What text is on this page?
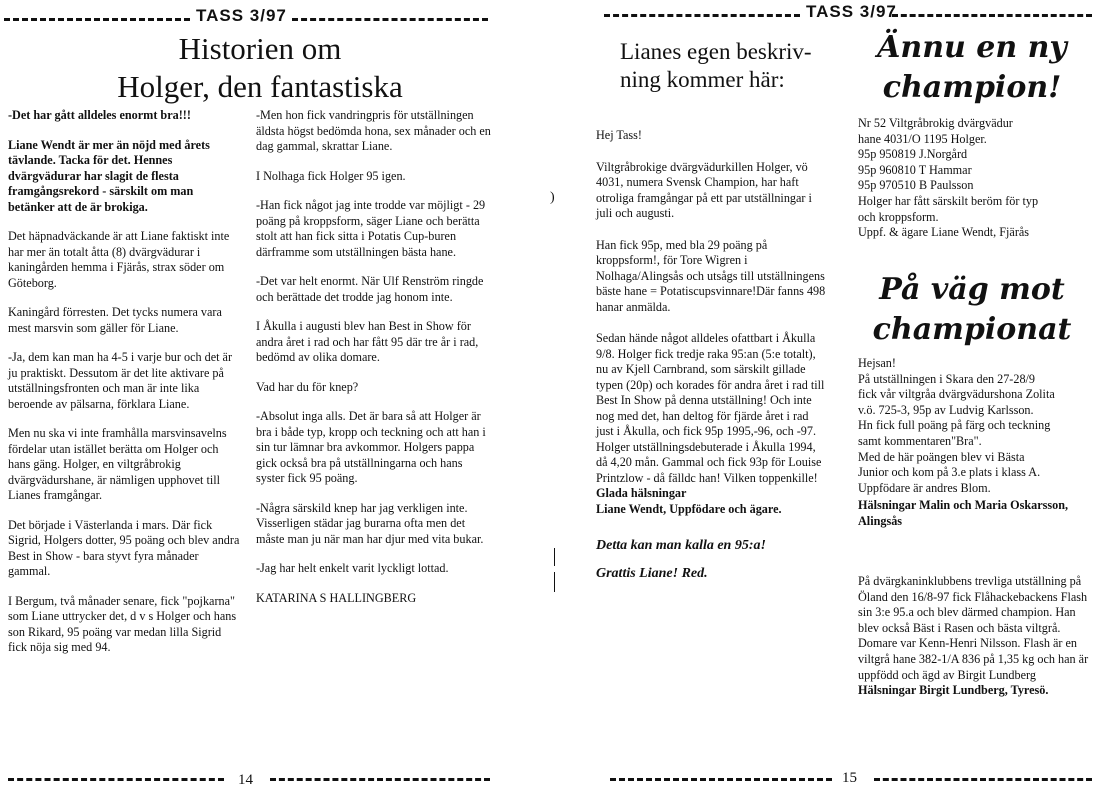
TASS 3/97
Historien om
Holger, den fantastiska

-Det har gått alldeles enormt bra!!!

Liane Wendt är mer än nöjd med årets tävlande. Tacka för det. Hennes dvärgvädurar har slagit de flesta framgångsrekord - särskilt om man betänker att de är brokiga.

Det häpnadväckande är att Liane faktiskt inte har mer än totalt åtta (8) dvärgvädurar i kaningården hemma i Fjärås, strax söder om Göteborg.

Kaningård förresten. Det tycks numera vara mest marsvin som gäller för Liane.

-Ja, dem kan man ha 4-5 i varje bur och det är ju praktiskt. Dessutom är det lite aktivare på utställningsfronten och man är inte lika beroende av pälsarna, förklara Liane.

Men nu ska vi inte framhålla marsvinsavelns fördelar utan istället berätta om Holger och hans gäng. Holger, en viltgråbrokig dvärgvädurshane, är nämligen upphovet till Lianes framgångar.

Det började i Västerlanda i mars. Där fick Sigrid, Holgers dotter, 95 poäng och blev andra Best in Show - bara styvt fyra månader gammal.

I Bergum, två månader senare, fick "pojkarna" som Liane uttrycker det, d v s Holger och hans son Rikard, 95 poäng var medan lilla Sigrid fick nöja sig med 94.

-Men hon fick vandringpris för utställningen äldsta högst bedömda hona, sex månader och en dag gammal, skrattar Liane.

I Nolhaga fick Holger 95 igen.

-Han fick något jag inte trodde var möjligt - 29 poäng på kroppsform, säger Liane och berätta stolt att han fick sitta i Potatis Cup-buren därframme som utställningen bästa hane.

-Det var helt enormt. När Ulf Renström ringde och berättade det trodde jag honom inte.

I Åkulla i augusti blev han Best in Show för andra året i rad och har fått 95 där tre år i rad, bedömd av olika domare.

Vad har du för knep?

-Absolut inga alls. Det är bara så att Holger är bra i både typ, kropp och teckning och att han i sin tur lämnar bra avkommor. Holgers pappa gick också bra på utställningarna och hans syster fick 95 poäng.

-Några särskild knep har jag verkligen inte. Visserligen städar jag burarna ofta men det måste man ju när man har djur med vita bukar.

-Jag har helt enkelt varit lyckligt lottad.

KATARINA S HALLINGBERG

14
)
TASS 3/97
Lianes egen beskriv-
ning kommer här:

Hej Tass!

Viltgråbrokige dvärgvädurkillen Holger, vö 4031, numera Svensk Champion, har haft otroliga framgångar på ett par utställningar i juli och augusti.

Han fick 95p, med bla 29 poäng på kroppsform!, för Tore Wigren i Nolhaga/Alingsås och utsågs till utställningens bäste hane = Potatiscupsvinnare!Där fanns 498 hanar anmälda.

Sedan hände något alldeles ofattbart i Åkulla 9/8. Holger fick tredje raka 95:an (5:e totalt), nu av Kjell Carnbrand, som särskilt gillade typen (20p) och korades för andra året i rad till Best In Show på denna utställning! Och inte nog med det, han deltog för fjärde året i rad just i Åkulla, och fick 95p 1995,-96, och -97. Holger utställningsdebuterade i Åkulla 1994, då 4,20 mån. Gammal och fick 93p för Louise Printzlow - då fälldc han! Vilken toppenkille!

Glada hälsningar
Liane Wendt, Uppfödare och ägare.
Detta kan man kalla en 95:a!
Grattis Liane! Red.
Ännu en ny
champion!
Nr 52 Viltgråbrokig dvärgvädur
hane 4031/O 1195 Holger.
95p 950819 J.Norgård
95p 960810 T Hammar
95p 970510 B Paulsson
Holger har fått särskilt beröm för typ
och kroppsform.
Uppf. & ägare Liane Wendt, Fjärås
På väg mot
championat
Hejsan!
På utställningen i Skara den 27-28/9
fick vår viltgråa dvärgvädurshona Zolita
v.ö. 725-3, 95p av Ludvig Karlsson.
Hn fick full poäng på färg och teckning
samt kommentaren"Bra".
Med de här poängen blev vi Bästa
Junior och kom på 3.e plats i klass A.
Uppfödare är andres Blom.
Hälsningar Malin och Maria Oskarsson, Alingsås
På dvärgkaninklubbens trevliga utställning på Öland den 16/8-97 fick Flåhackebackens Flash sin 3:e 95.a och blev därmed champion. Han blev också Bäst i Rasen och bästa viltgrå. Domare var Kenn-Henri Nilsson. Flash är en viltgrå hane 382-1/A 836 på 1,35 kg och han är uppfödd och ägd av Birgit Lundberg
Hälsningar Birgit Lundberg, Tyresö.
15
